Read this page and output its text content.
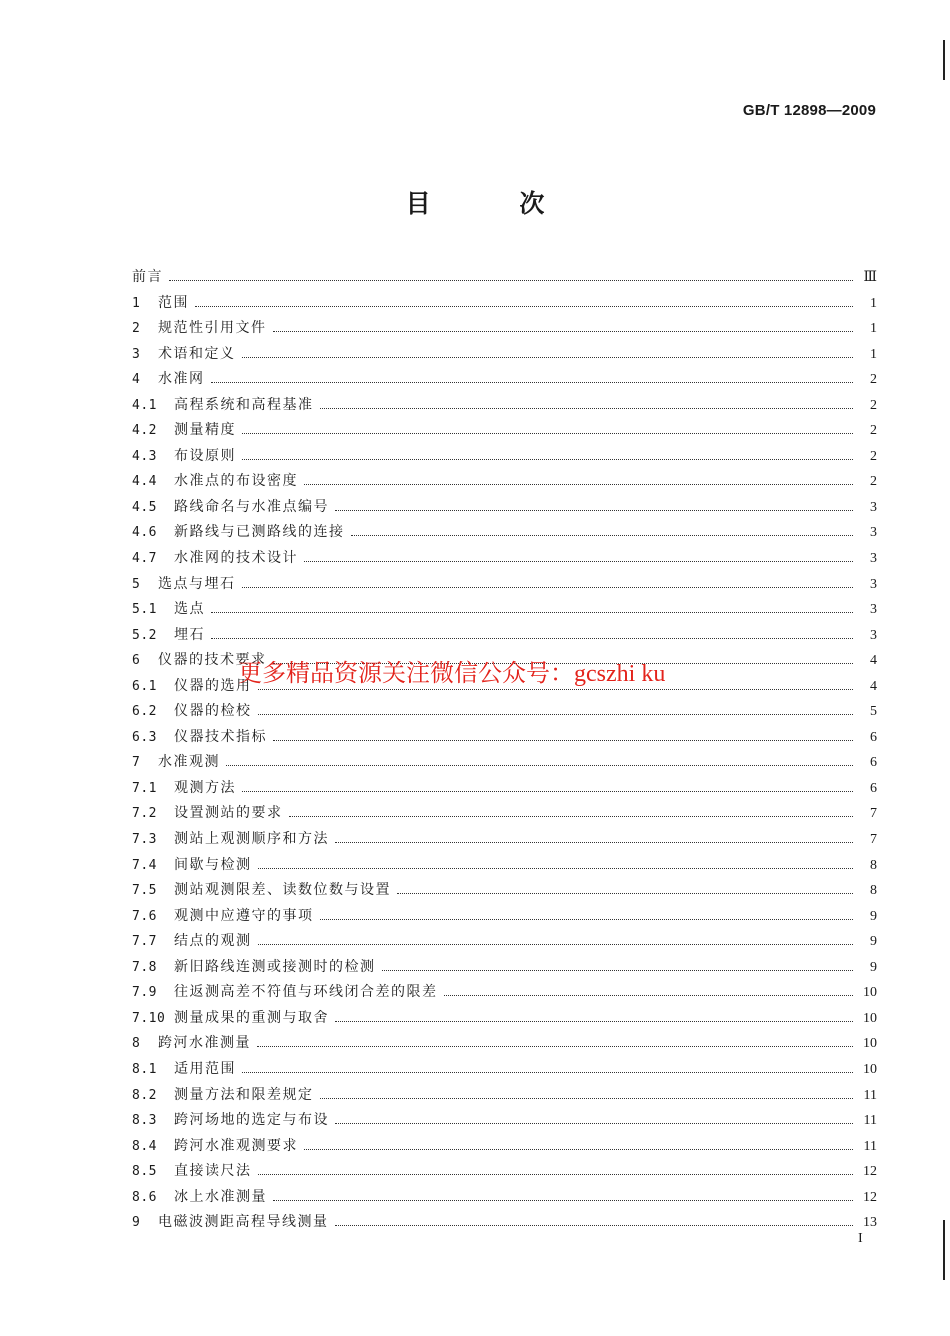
GB/T 12898—2009
目 次
前言	Ⅲ
1	范围	1
2	规范性引用文件	1
3	术语和定义	1
4	水准网	2
4.1	高程系统和高程基准	2
4.2	测量精度	2
4.3	布设原则	2
4.4	水准点的布设密度	2
4.5	路线命名与水准点编号	3
4.6	新路线与已测路线的连接	3
4.7	水准网的技术设计	3
5	选点与埋石	3
5.1	选点	3
5.2	埋石	3
6	仪器的技术要求	4
6.1	仪器的选用	4
6.2	仪器的检校	5
6.3	仪器技术指标	6
7	水准观测	6
7.1	观测方法	6
7.2	设置测站的要求	7
7.3	测站上观测顺序和方法	7
7.4	间歇与检测	8
7.5	测站观测限差、读数位数与设置	8
7.6	观测中应遵守的事项	9
7.7	结点的观测	9
7.8	新旧路线连测或接测时的检测	9
7.9	往返测高差不符值与环线闭合差的限差	10
7.10 测量成果的重测与取舍	10
8	跨河水准测量	10
8.1	适用范围	10
8.2	测量方法和限差规定	11
8.3	跨河场地的选定与布设	11
8.4	跨河水准观测要求	11
8.5	直接读尺法	12
8.6	冰上水准测量	12
9	电磁波测距高程导线测量	13
更多精品资源关注微信公众号：gcszhi ku
I
